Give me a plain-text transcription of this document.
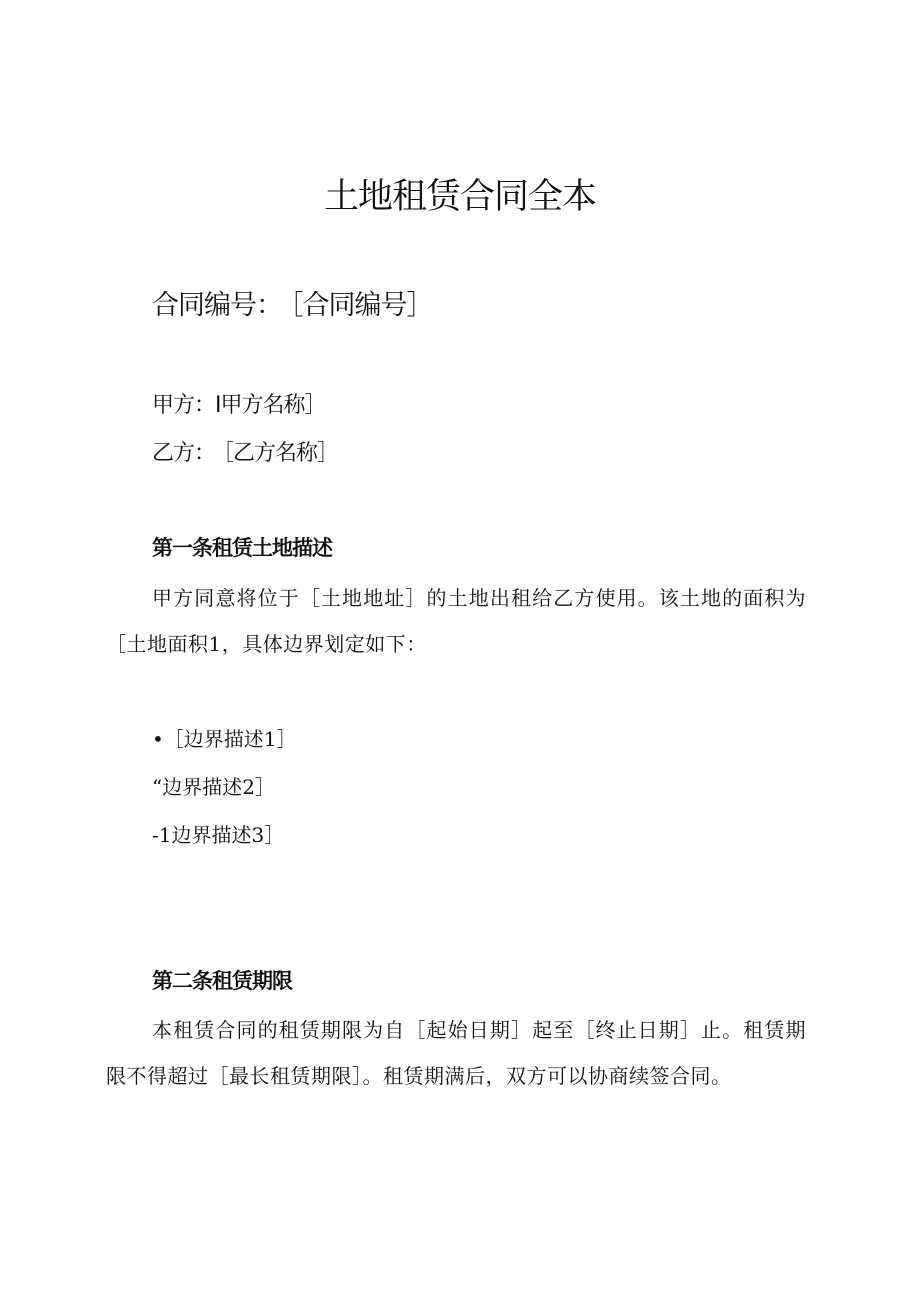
土地租赁合同全本

合同编号： ［合同编号］

甲方：I甲方名称］

乙方： ［乙方名称］

第一条租赁土地描述

甲方同意将位于［土地地址］的土地出租给乙方使用。该土地的面积为［土地面积1，具体边界划定如下：

•［边界描述1］

“边界描述2］

-1边界描述3］

第二条租赁期限

本租赁合同的租赁期限为自［起始日期］起至［终止日期］止。租赁期限不得超过［最长租赁期限］。租赁期满后，双方可以协商续签合同。
